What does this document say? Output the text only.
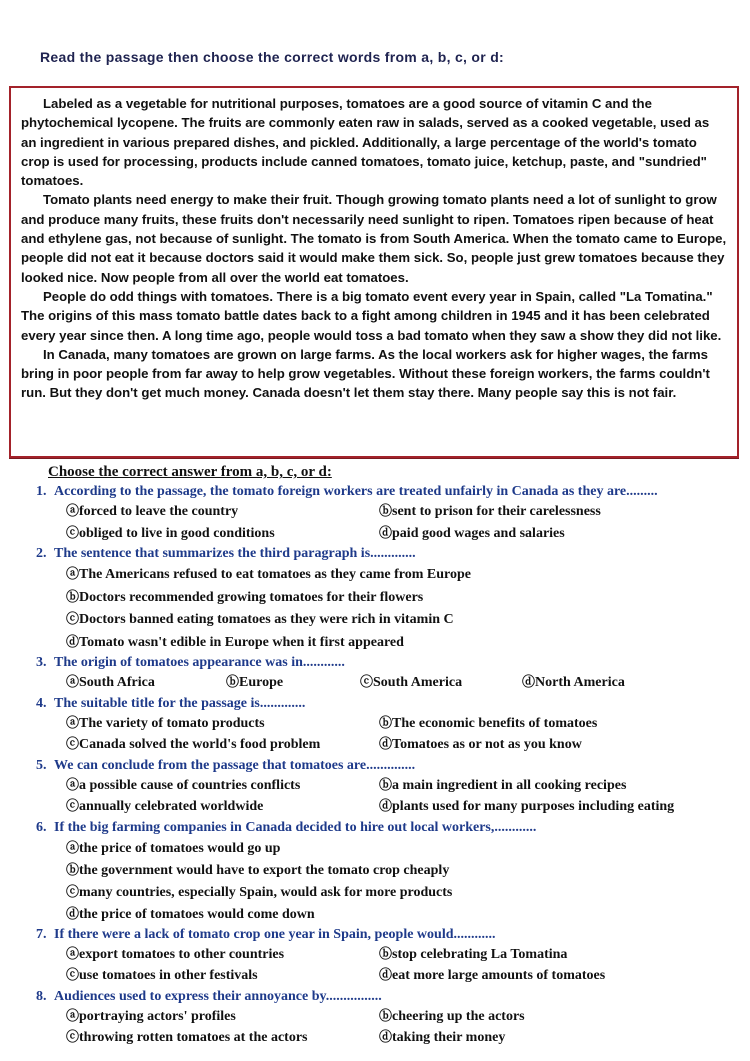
Read the passage then choose the correct words from a, b, c, or d:

Labeled as a vegetable for nutritional purposes, tomatoes are a good source of vitamin C and the phytochemical lycopene. The fruits are commonly eaten raw in salads, served as a cooked vegetable, used as an ingredient in various prepared dishes, and pickled. Additionally, a large percentage of the world's tomato crop is used for processing, products include canned tomatoes, tomato juice, ketchup, paste, and "sundried" tomatoes.

Tomato plants need energy to make their fruit. Though growing tomato plants need a lot of sunlight to grow and produce many fruits, these fruits don't necessarily need sunlight to ripen. Tomatoes ripen because of heat and ethylene gas, not because of sunlight. The tomato is from South America. When the tomato came to Europe, people did not eat it because doctors said it would make them sick. So, people just grew tomatoes because they looked nice. Now people from all over the world eat tomatoes.

People do odd things with tomatoes. There is a big tomato event every year in Spain, called "La Tomatina." The origins of this mass tomato battle dates back to a fight among children in 1945 and it has been celebrated every year since then. A long time ago, people would toss a bad tomato when they saw a show they did not like.

In Canada, many tomatoes are grown on large farms. As the local workers ask for higher wages, the farms bring in poor people from far away to help grow vegetables. Without these foreign workers, the farms couldn't run. But they don't get much money. Canada doesn't let them stay there. Many people say this is not fair.

Choose the correct answer from a, b, c, or d:
1. According to the passage, the tomato foreign workers are treated unfairly in Canada as they are.........
ⓐforced to leave the country	ⓑsent to prison for their carelessness
ⓒobliged to live in good conditions	ⓓpaid good wages and salaries
2. The sentence that summarizes the third paragraph is.............
ⓐThe Americans refused to eat tomatoes as they came from Europe
ⓑDoctors recommended growing tomatoes for their flowers
ⓒDoctors banned eating tomatoes as they were rich in vitamin C
ⓓTomato wasn't edible in Europe when it first appeared
3. The origin of tomatoes appearance was in............
ⓐSouth Africa	ⓑEurope	ⓒSouth America	ⓓNorth America
4. The suitable title for the passage is.............
ⓐThe variety of tomato products	ⓑThe economic benefits of tomatoes
ⓒCanada solved the world's food problem	ⓓTomatoes as or not as you know
5. We can conclude from the passage that tomatoes are..............
ⓐa possible cause of countries conflicts	ⓑa main ingredient in all cooking recipes
ⓒannually celebrated worldwide	ⓓplants used for many purposes including eating
6. If the big farming companies in Canada decided to hire out local workers,............
ⓐthe price of tomatoes would go up
ⓑthe government would have to export the tomato crop cheaply
ⓒmany countries, especially Spain, would ask for more products
ⓓthe price of tomatoes would come down
7. If there were a lack of tomato crop one year in Spain, people would............
ⓐexport tomatoes to other countries	ⓑstop celebrating La Tomatina
ⓒuse tomatoes in other festivals	ⓓeat more large amounts of tomatoes
8. Audiences used to express their annoyance by................
ⓐportraying actors' profiles	ⓑcheering up the actors
ⓒthrowing rotten tomatoes at the actors	ⓓtaking their money
